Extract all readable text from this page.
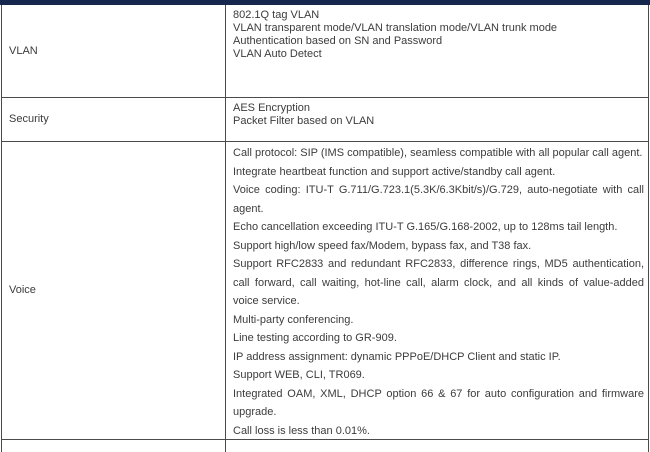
VLAN
802.1Q tag VLAN
VLAN transparent mode/VLAN translation mode/VLAN trunk mode
Authentication based on SN and Password
VLAN Auto Detect
Security
AES Encryption
Packet Filter based on VLAN
Voice
Call protocol: SIP (IMS compatible), seamless compatible with all popular call agent.
Integrate heartbeat function and support active/standby call agent.
Voice coding: ITU-T G.711/G.723.1(5.3K/6.3Kbit/s)/G.729, auto-negotiate with call agent.
Echo cancellation exceeding ITU-T G.165/G.168-2002, up to 128ms tail length.
Support high/low speed fax/Modem, bypass fax, and T38 fax.
Support RFC2833 and redundant RFC2833, difference rings, MD5 authentication, call forward, call waiting, hot-line call, alarm clock, and all kinds of value-added voice service.
Multi-party conferencing.
Line testing according to GR-909.
IP address assignment: dynamic PPPoE/DHCP Client and static IP.
Support WEB, CLI, TR069.
Integrated OAM, XML, DHCP option 66 & 67 for auto configuration and firmware upgrade.
Call loss is less than 0.01%.
